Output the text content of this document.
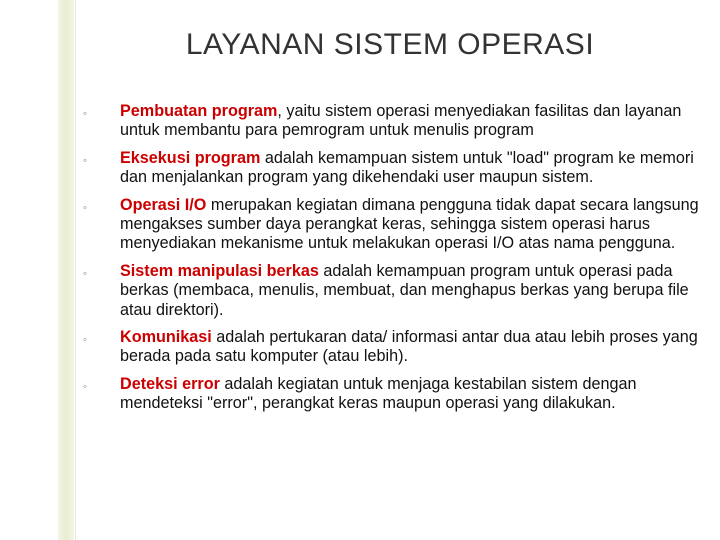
LAYANAN SISTEM OPERASI
◦ Pembuatan program, yaitu sistem operasi menyediakan fasilitas dan layanan untuk membantu para pemrogram untuk menulis program
◦ Eksekusi program adalah kemampuan sistem untuk "load" program ke memori dan menjalankan program yang dikehendaki user maupun sistem.
◦ Operasi I/O merupakan kegiatan dimana pengguna tidak dapat secara langsung mengakses sumber daya perangkat keras, sehingga sistem operasi harus menyediakan mekanisme untuk melakukan operasi I/O atas nama pengguna.
◦ Sistem manipulasi berkas adalah kemampuan program untuk operasi pada berkas (membaca, menulis, membuat, dan menghapus berkas yang berupa file atau direktori).
◦ Komunikasi adalah pertukaran data/ informasi antar dua atau lebih proses yang berada pada satu komputer (atau lebih).
◦ Deteksi error adalah kegiatan untuk menjaga kestabilan sistem dengan mendeteksi "error", perangkat keras maupun operasi yang dilakukan.
